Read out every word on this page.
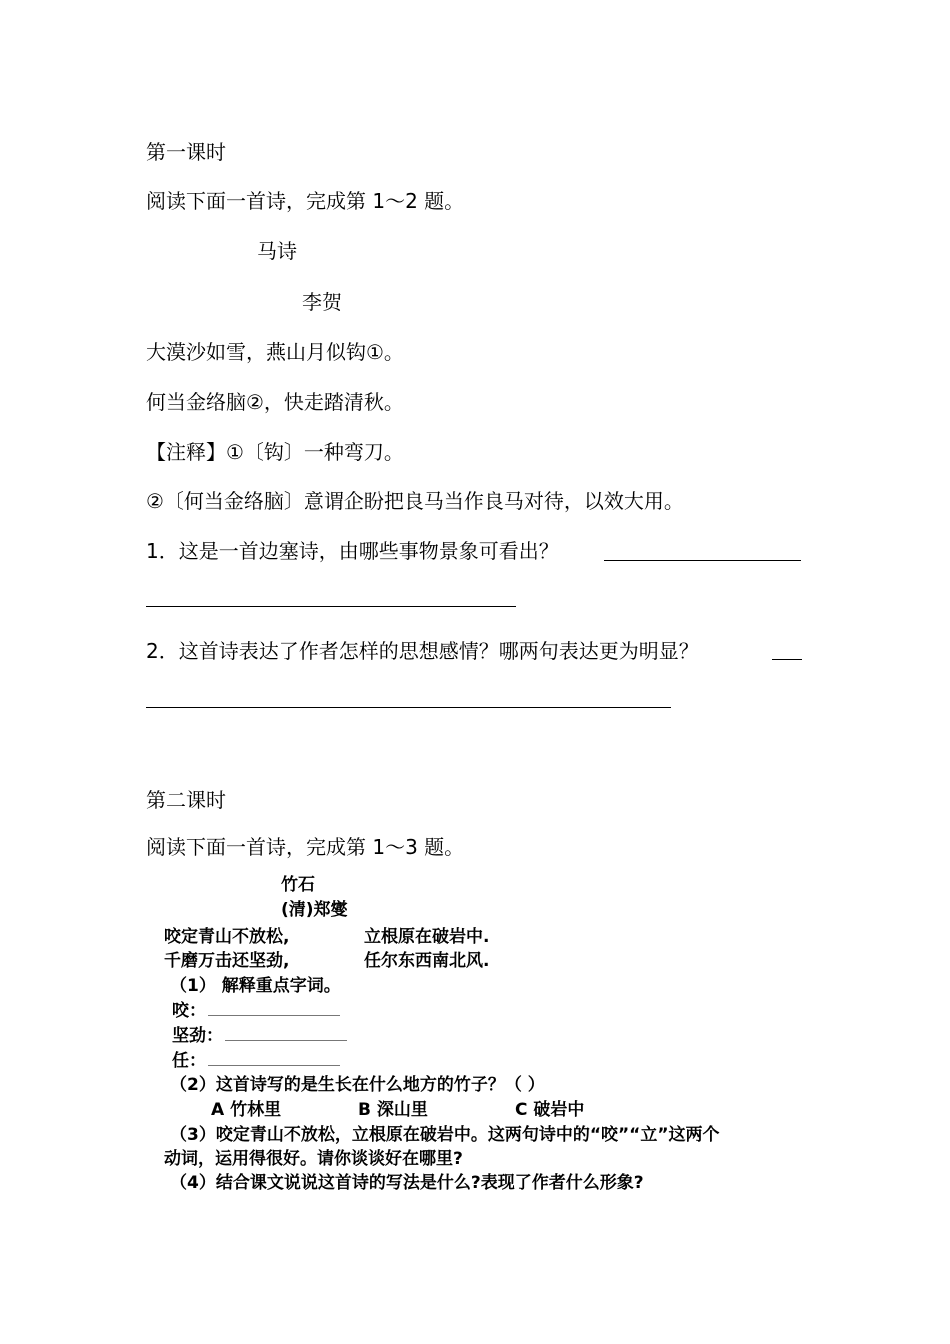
第一课时
阅读下面一首诗，完成第 1～2 题。
马诗
李贺
大漠沙如雪，燕山月似钩①。
何当金络脑②，快走踏清秋。
【注释】①〔钩〕一种弯刀。
②〔何当金络脑〕意谓企盼把良马当作良马对待，以效大用。
1．这是一首边塞诗，由哪些事物景象可看出？
2．这首诗表达了作者怎样的思想感情？哪两句表达更为明显？
第二课时
阅读下面一首诗，完成第 1～3 题。
竹石
(清)郑燮
咬定青山不放松,	立根原在破岩中.
千磨万击还坚劲,	任尔东西南北风.
（1） 解释重点字词。
咬：
坚劲：
任：
（2）这首诗写的是生长在什么地方的竹子？（ ）
A 竹林里	B 深山里	C 破岩中
（3）咬定青山不放松，立根原在破岩中。这两句诗中的“咬”“立”这两个
动词，运用得很好。请你谈谈好在哪里?
（4）结合课文说说这首诗的写法是什么?表现了作者什么形象?
